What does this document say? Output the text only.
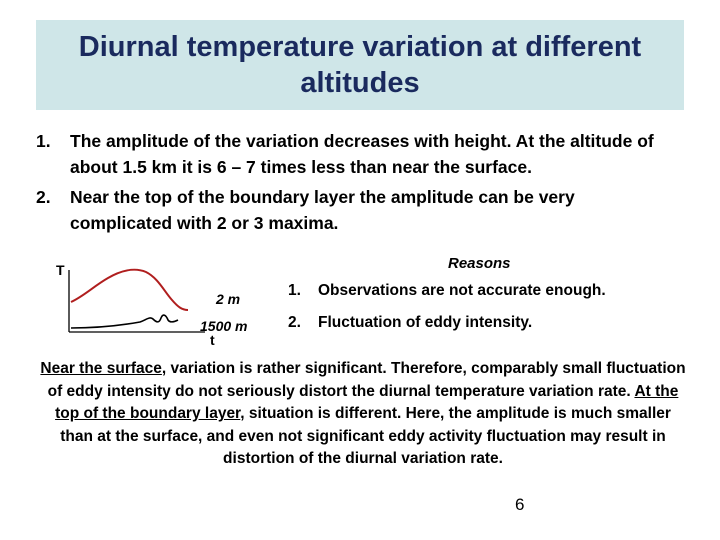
Diurnal temperature variation at different altitudes
1.	The amplitude of the variation decreases with height. At the altitude of about 1.5 km it is 6 – 7 times less than near the surface.
2.	Near the top of the boundary layer the amplitude can be very complicated with 2 or 3 maxima.
T
2 m
1500 m
t
Reasons
1.	Observations are not accurate enough.
2.	Fluctuation of eddy intensity.
Near the surface, variation is rather significant. Therefore, comparably small fluctuation of eddy intensity do not seriously distort the diurnal temperature variation rate. At the top of the boundary layer, situation is different. Here, the amplitude is much smaller than at the surface, and even not significant eddy activity fluctuation may result in distortion of the diurnal variation rate.
6
